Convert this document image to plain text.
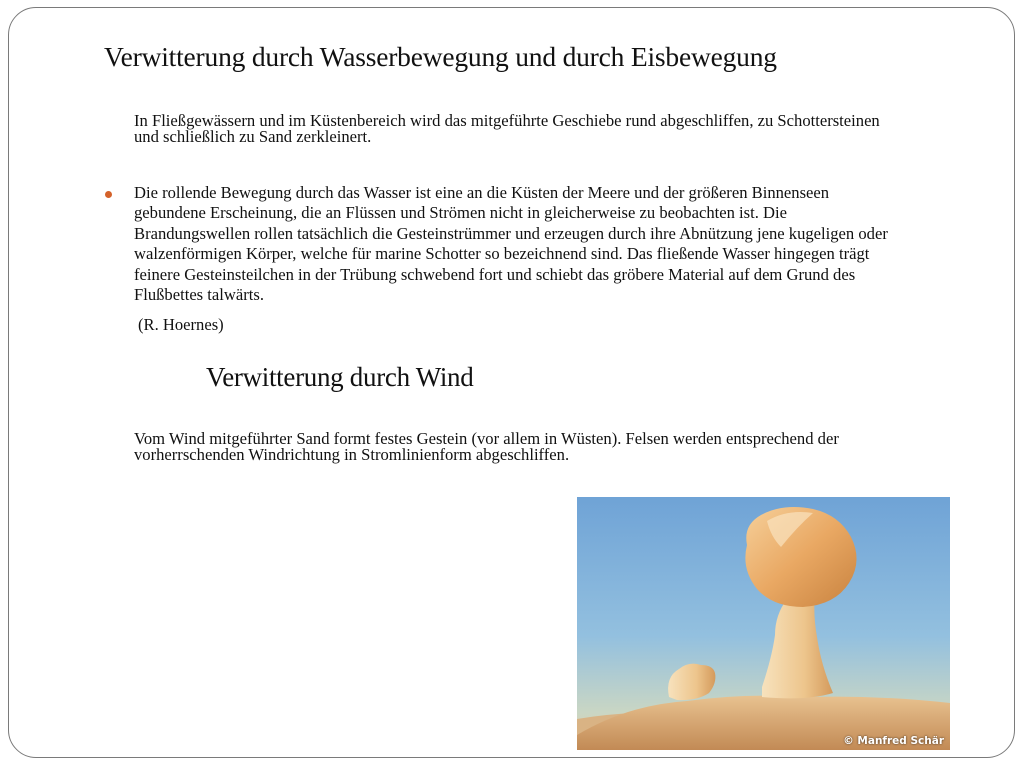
Verwitterung durch Wasserbewegung und durch Eisbewegung

In Fließgewässern und im Küstenbereich wird das mitgeführte Geschiebe rund abgeschliffen, zu Schottersteinen und schließlich zu Sand zerkleinert.

Die rollende Bewegung durch das Wasser ist eine an die Küsten der Meere und der größeren Binnenseen gebundene Erscheinung, die an Flüssen und Strömen nicht in gleicherweise zu beobachten ist. Die Brandungswellen rollen tatsächlich die Gesteinstrümmer und erzeugen durch ihre Abnützung jene kugeligen oder walzenförmigen Körper, welche für marine Schotter so bezeichnend sind. Das fließende Wasser hingegen trägt feinere Gesteinsteilchen in der Trübung schwebend fort und schiebt das gröbere Material auf dem Grund des Flußbettes talwärts.

(R. Hoernes)

Verwitterung durch Wind

Vom Wind mitgeführter Sand formt festes Gestein (vor allem in Wüsten). Felsen werden entsprechend der vorherrschenden Windrichtung in Stromlinienform abgeschliffen.

© Manfred Schär
